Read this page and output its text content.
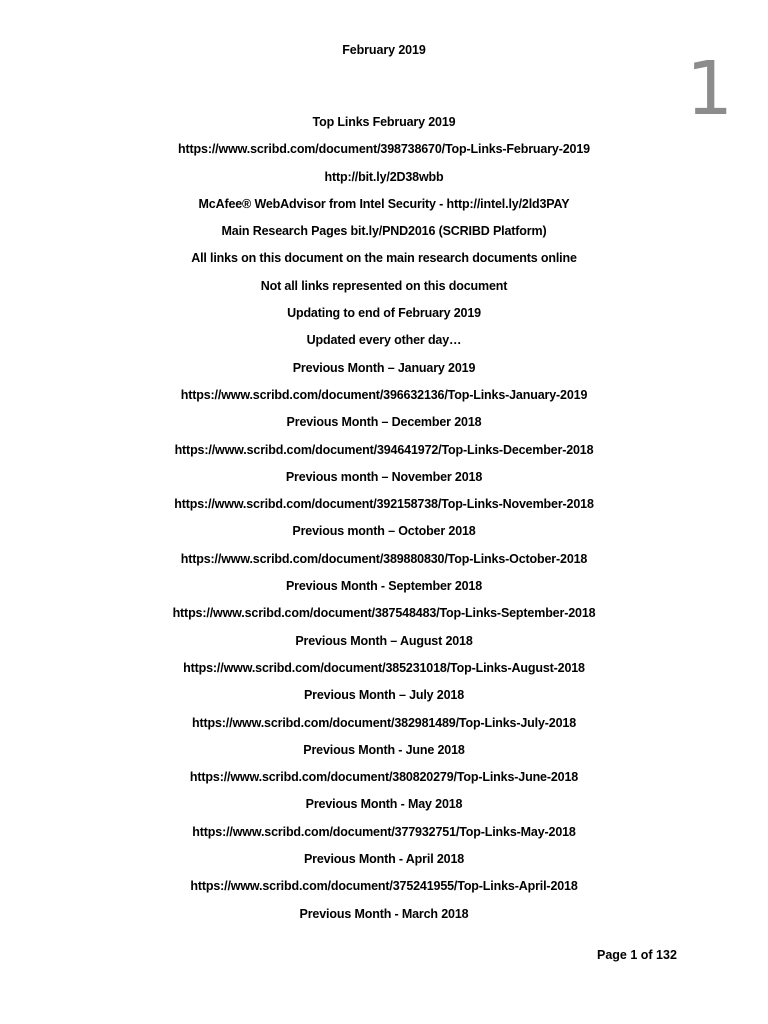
February 2019	1
Top Links February 2019
https://www.scribd.com/document/398738670/Top-Links-February-2019
http://bit.ly/2D38wbb
McAfee® WebAdvisor from Intel Security - http://intel.ly/2ld3PAY
Main Research Pages bit.ly/PND2016 (SCRIBD Platform)
All links on this document on the main research documents online
Not all links represented on this document
Updating to end of February 2019
Updated every other day…
Previous Month – January 2019
https://www.scribd.com/document/396632136/Top-Links-January-2019
Previous Month – December 2018
https://www.scribd.com/document/394641972/Top-Links-December-2018
Previous month – November 2018
https://www.scribd.com/document/392158738/Top-Links-November-2018
Previous month – October 2018
https://www.scribd.com/document/389880830/Top-Links-October-2018
Previous Month - September 2018
https://www.scribd.com/document/387548483/Top-Links-September-2018
Previous Month – August 2018
https://www.scribd.com/document/385231018/Top-Links-August-2018
Previous Month – July 2018
https://www.scribd.com/document/382981489/Top-Links-July-2018
Previous Month - June 2018
https://www.scribd.com/document/380820279/Top-Links-June-2018
Previous Month - May 2018
https://www.scribd.com/document/377932751/Top-Links-May-2018
Previous Month - April 2018
https://www.scribd.com/document/375241955/Top-Links-April-2018
Previous Month - March 2018
Page 1 of 132
